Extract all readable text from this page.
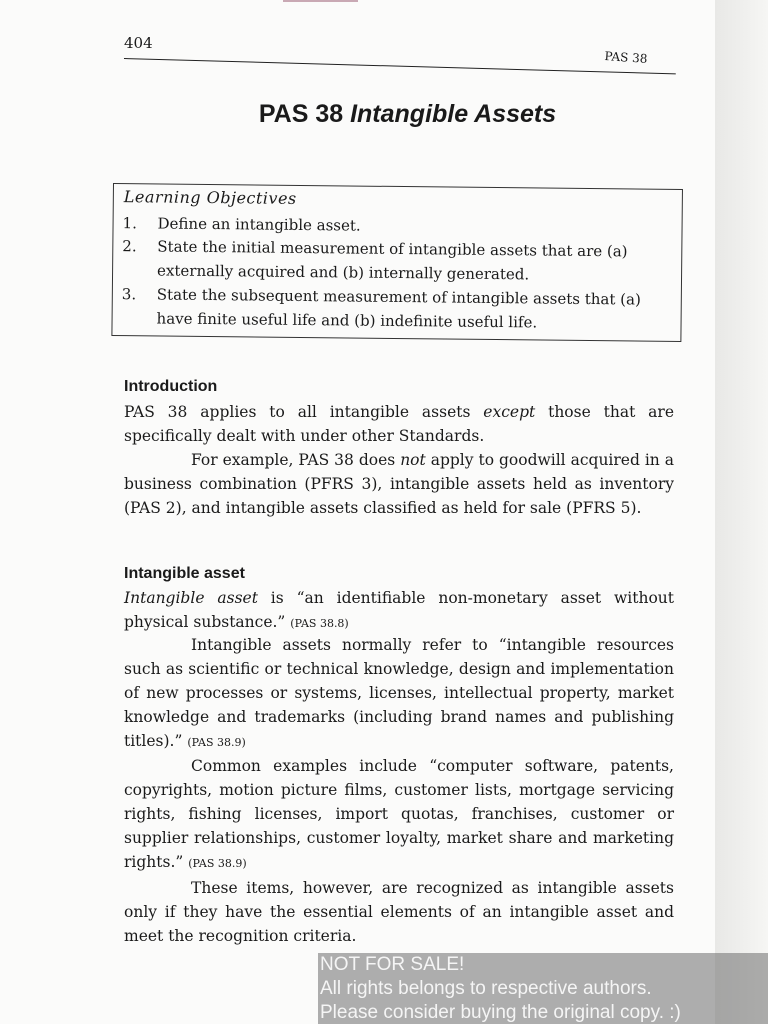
404
PAS 38
PAS 38 Intangible Assets
Learning Objectives
1. Define an intangible asset.
2. State the initial measurement of intangible assets that are (a) externally acquired and (b) internally generated.
3. State the subsequent measurement of intangible assets that (a) have finite useful life and (b) indefinite useful life.
Introduction
PAS 38 applies to all intangible assets except those that are specifically dealt with under other Standards.
For example, PAS 38 does not apply to goodwill acquired in a business combination (PFRS 3), intangible assets held as inventory (PAS 2), and intangible assets classified as held for sale (PFRS 5).
Intangible asset
Intangible asset is “an identifiable non-monetary asset without physical substance.” (PAS 38.8)
Intangible assets normally refer to “intangible resources such as scientific or technical knowledge, design and implementation of new processes or systems, licenses, intellectual property, market knowledge and trademarks (including brand names and publishing titles).” (PAS 38.9)
Common examples include “computer software, patents, copyrights, motion picture films, customer lists, mortgage servicing rights, fishing licenses, import quotas, franchises, customer or supplier relationships, customer loyalty, market share and marketing rights.” (PAS 38.9)
These items, however, are recognized as intangible assets only if they have the essential elements of an intangible asset and meet the recognition criteria.
NOT FOR SALE!
All rights belongs to respective authors.
Please consider buying the original copy. :)
